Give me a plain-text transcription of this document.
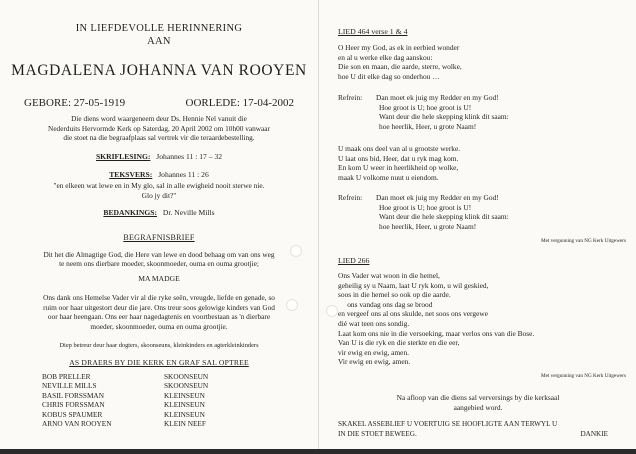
IN LIEFDEVOLLE HERINNERING
AAN
MAGDALENA JOHANNA VAN ROOYEN
GEBORE: 27-05-1919	OORLEDE: 17-04-2002
Die diens word waargeneem deur Ds. Hennie Nel vanuit die
Nederduits Hervormde Kerk op Saterdag, 20 April 2002 om 10h00 vanwaar
die stoet na die begraafplaas sal vertrek vir die teraardebestelling.
SKRIFLESING: Johannes 11 : 17 – 32
TEKSVERS: Johannes 11 : 26
"en elkeen wat lewe en in My glo, sal in alle ewigheid nooit sterwe nie.
Glo jy dit?"
BEDANKINGS: Dr. Neville Mills
BEGRAFNISBRIEF
Dit het die Almagtige God, die Here van lewe en dood behaag om van ons weg
te neem ons dierbare moeder, skoonmoeder, ouma en ouma grootjie;
MA MADGE
Ons dank ons Hemelse Vader vir al die ryke seën, vreugde, liefde en genade, so
ruim oor haar uitgestort deur die jare. Ons treur soos gelowige kinders van God
oor haar heengaan. Ons eer haar nagedagtenis en voortbestaan as 'n dierbare
moeder, skoonmoeder, ouma en ouma grootjie.
Diep betreur deur haar dogters, skoonseuns, kleinkinders en agterkleinkinders
AS DRAERS BY DIE KERK EN GRAF SAL OPTREE
BOB PRELLER	SKOONSEUN
NEVILLE MILLS	SKOONSEUN
BASIL FORSSMAN	KLEINSEUN
CHRIS FORSSMAN	KLEINSEUN
KOBUS SPAUMER	KLEINSEUN
ARNO VAN ROOYEN	KLEIN NEEF
LIED 464 verse 1 & 4
O Heer my God, as ek in eerbied wonder
en al u werke elke dag aanskou:
Die son en maan, die aarde, sterre, wolke,
hoe U dit elke dag so onderhou …
Refrein:	Dan moet ek juig my Redder en my God!
Hoe groot is U; hoe groot is U!
Want deur die hele skepping klink dit saam:
hoe heerlik, Heer, u grote Naam!
U maak ons deel van al u grootste werke.
U laat ons bid, Heer, dat u ryk mag kom.
En kom U weer in heerlikheid op wolke,
maak U volkome nuut u eiendom.
Refrein:	Dan moet ek juig my Redder en my God!
Hoe groot is U; hoe groot is U!
Want deur die hele skepping klink dit saam:
hoe heerlik, Heer, u grote Naam!
Met vergunning van NG Kerk Uitgewers
LIED 266
Ons Vader wat woon in die hemel,
geheilig sy u Naam, laat U ryk kom, u wil geskied,
soos in die hemel so ook op die aarde.
ons vandag ons dag se brood
en vergeef ons al ons skulde, net soos ons vergewe
dié wat teen ons sondig.
Laat kom ons nie in die versoeking, maar verlos ons van die Bose.
Van U is die ryk en die sterkte en die eer,
vir ewig en ewig, amen.
Vir ewig en ewig, amen.
Met vergunning van NG Kerk Uitgewers
Na afloop van die diens sal verversings by die kerksaal
aangebied word.
SKAKEL ASSEBLIEF U VOERTUIG SE HOOFLIGTE AAN TERWYL U
IN DIE STOET BEWEEG.	DANKIE
